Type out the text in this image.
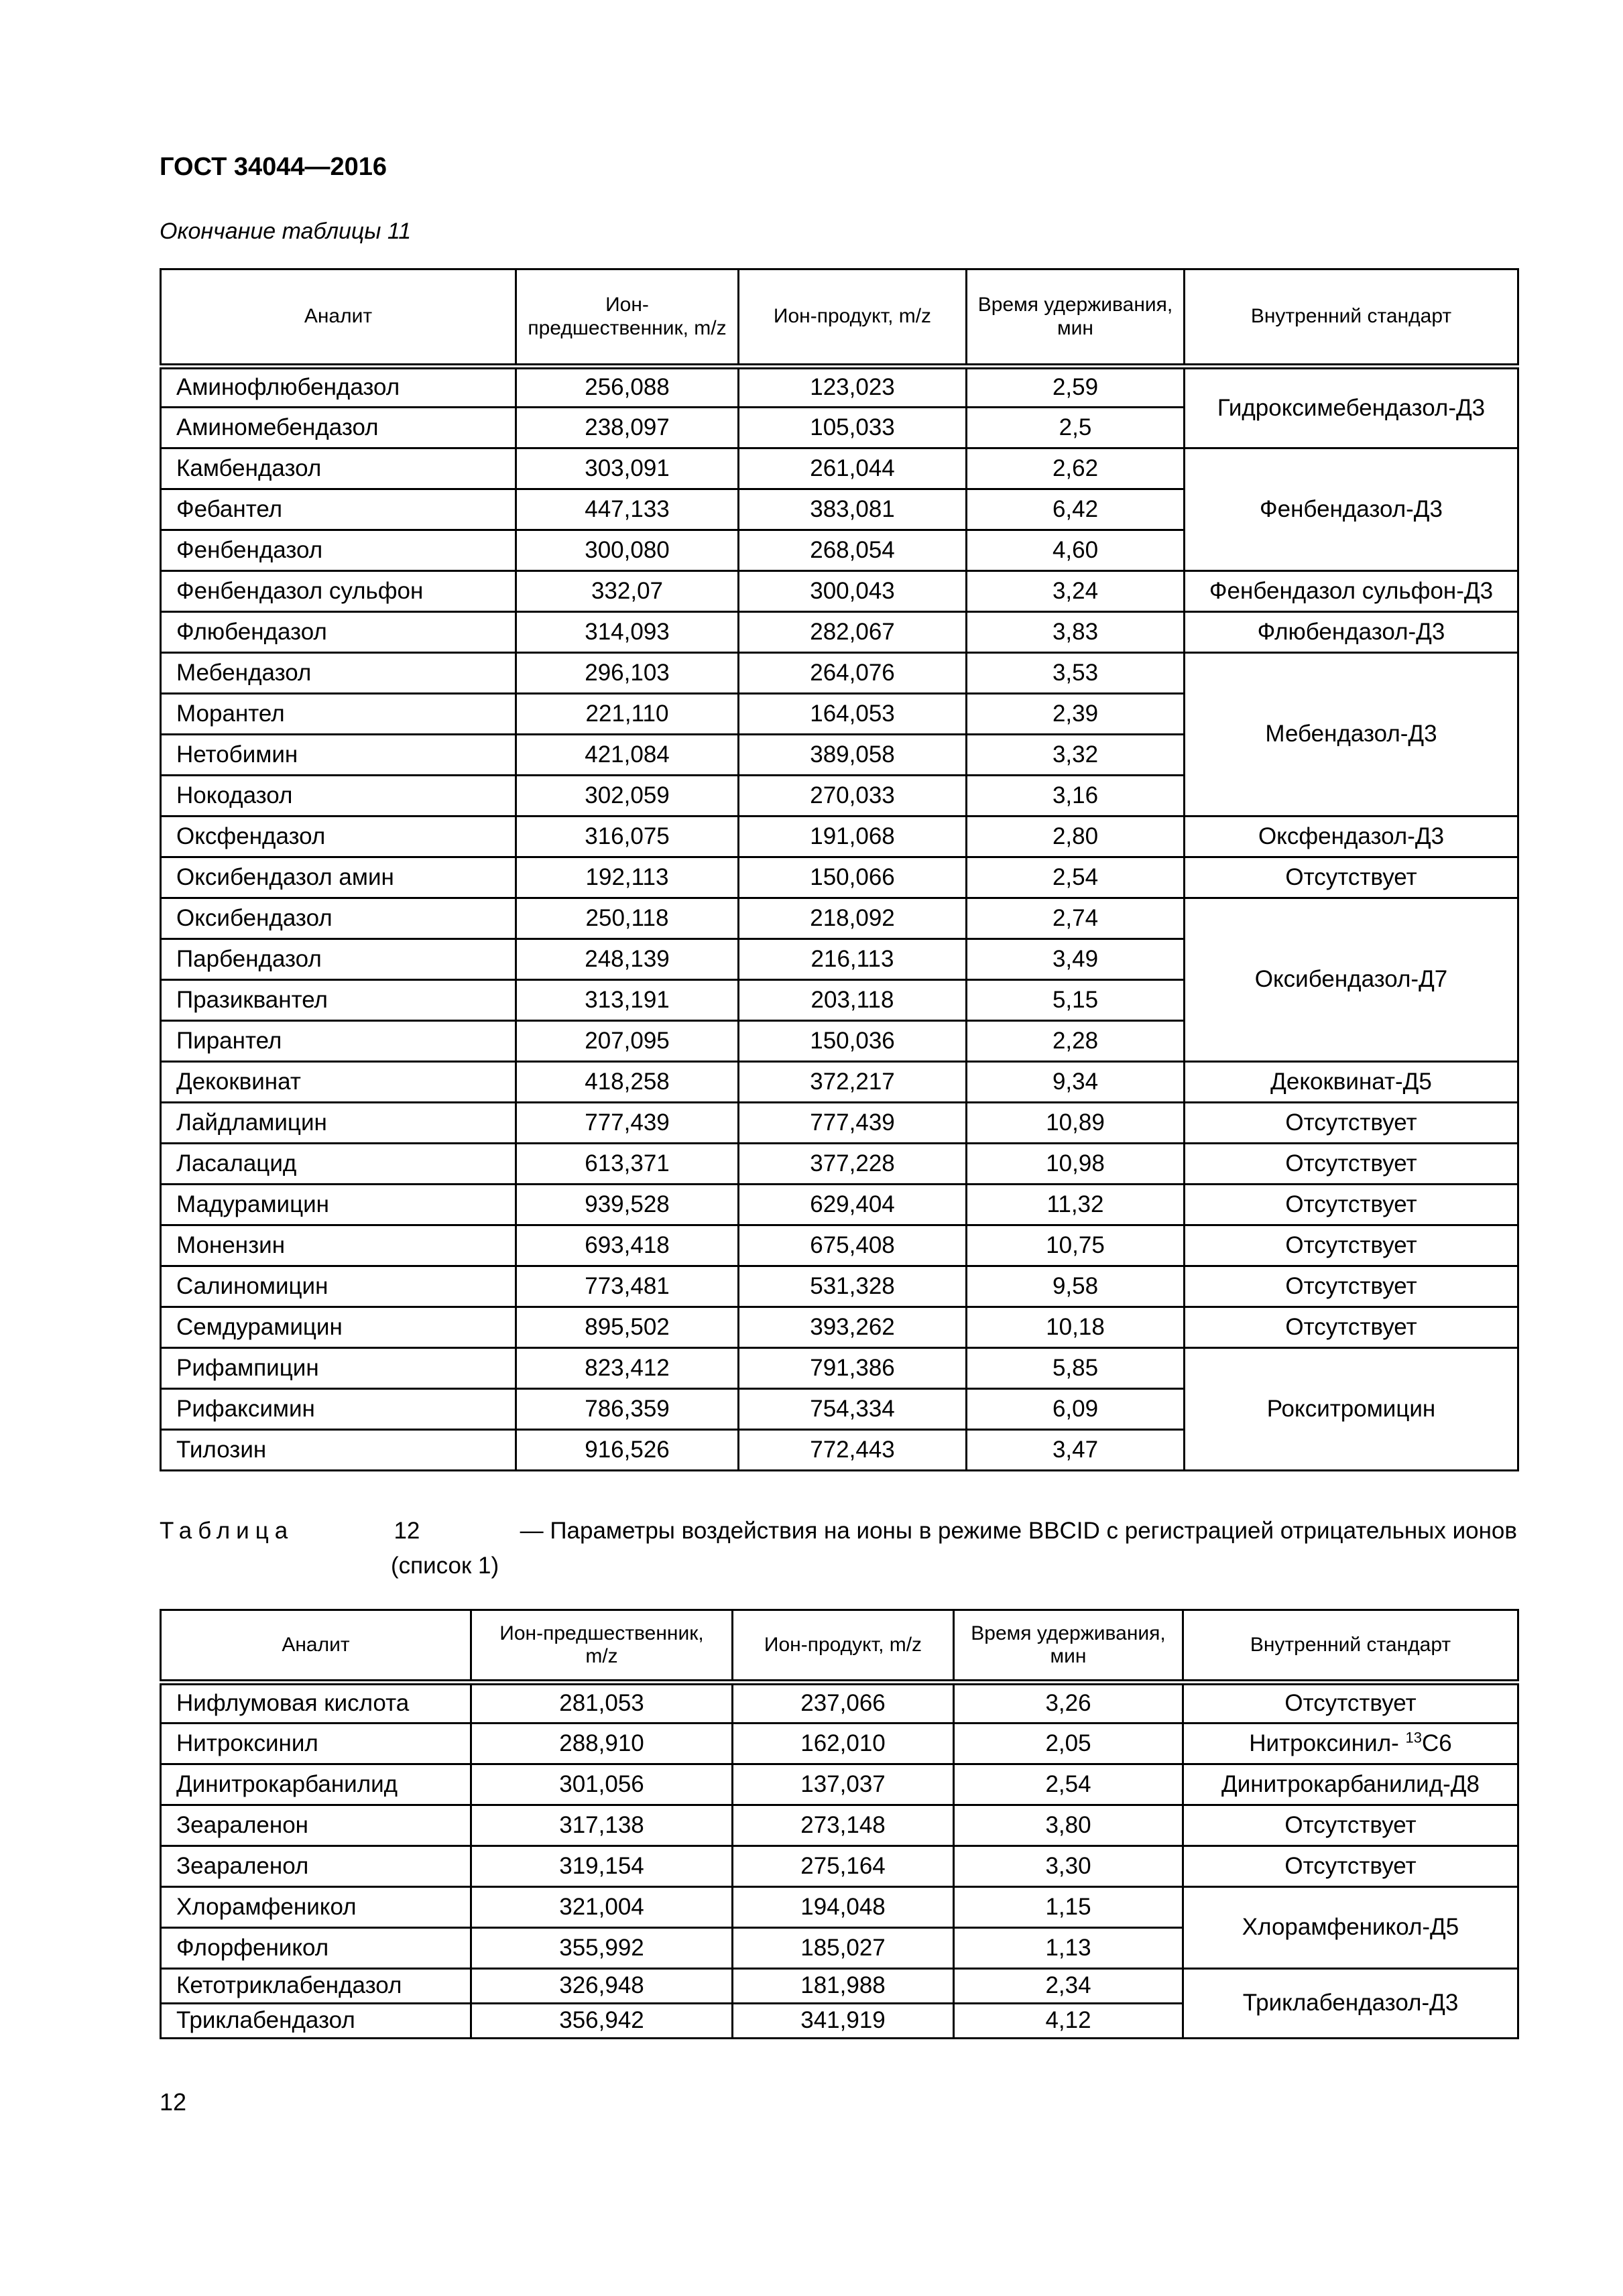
ГОСТ 34044—2016
Окончание таблицы 11
Аналит	Ион-предшественник, m/z	Ион-продукт, m/z	Время удерживания, мин	Внутренний стандарт
Аминофлюбендазол	256,088	123,023	2,59	Гидроксимебендазол-Д3
Аминомебендазол	238,097	105,033	2,5	
Камбендазол	303,091	261,044	2,62	Фенбендазол-Д3
Фебантел	447,133	383,081	6,42	
Фенбендазол	300,080	268,054	4,60	
Фенбендазол сульфон	332,07	300,043	3,24	Фенбендазол сульфон-Д3
Флюбендазол	314,093	282,067	3,83	Флюбендазол-Д3
Мебендазол	296,103	264,076	3,53	Мебендазол-Д3
Морантел	221,110	164,053	2,39	
Нетобимин	421,084	389,058	3,32	
Нокодазол	302,059	270,033	3,16	
Оксфендазол	316,075	191,068	2,80	Оксфендазол-Д3
Оксибендазол амин	192,113	150,066	2,54	Отсутствует
Оксибендазол	250,118	218,092	2,74	Оксибендазол-Д7
Парбендазол	248,139	216,113	3,49	
Празиквантел	313,191	203,118	5,15	
Пирантел	207,095	150,036	2,28	
Декоквинат	418,258	372,217	9,34	Декоквинат-Д5
Лайдламицин	777,439	777,439	10,89	Отсутствует
Ласалацид	613,371	377,228	10,98	Отсутствует
Мадурамицин	939,528	629,404	11,32	Отсутствует
Монензин	693,418	675,408	10,75	Отсутствует
Салиномицин	773,481	531,328	9,58	Отсутствует
Семдурамицин	895,502	393,262	10,18	Отсутствует
Рифампицин	823,412	791,386	5,85	Рокситромицин
Рифаксимин	786,359	754,334	6,09	
Тилозин	916,526	772,443	3,47	
Таблица	12	— Параметры воздействия на ионы в режиме BBCID с регистрацией отрицательных ионов
(список 1)
Аналит	Ион-предшественник, m/z	Ион-продукт, m/z	Время удерживания, мин	Внутренний стандарт
Нифлумовая кислота	281,053	237,066	3,26	Отсутствует
Нитроксинил	288,910	162,010	2,05	Нитроксинил- $^{13}$C6
Динитрокарбанилид	301,056	137,037	2,54	Динитрокарбанилид-Д8
Зеараленон	317,138	273,148	3,80	Отсутствует
Зеараленол	319,154	275,164	3,30	Отсутствует
Хлорамфеникол	321,004	194,048	1,15	Хлорамфеникол-Д5
Флорфеникол	355,992	185,027	1,13	
Кетотриклабендазол	326,948	181,988	2,34	Триклабендазол-Д3
Триклабендазол	356,942	341,919	4,12	
12
